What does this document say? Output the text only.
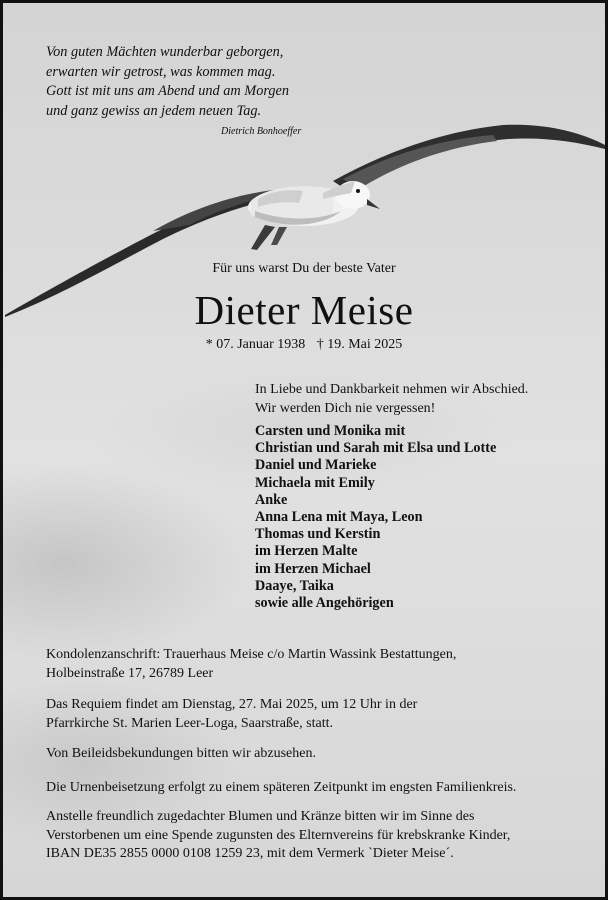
Von guten Mächten wunderbar geborgen,
erwarten wir getrost, was kommen mag.
Gott ist mit uns am Abend und am Morgen
und ganz gewiss an jedem neuen Tag.
Dietrich Bonhoeffer
Für uns warst Du der beste Vater
Dieter Meise
* 07. Januar 1938 † 19. Mai 2025
In Liebe und Dankbarkeit nehmen wir Abschied.
Wir werden Dich nie vergessen!
Carsten und Monika mit
Christian und Sarah mit Elsa und Lotte
Daniel und Marieke
Michaela mit Emily
Anke
Anna Lena mit Maya, Leon
Thomas und Kerstin
im Herzen Malte
im Herzen Michael
Daaye, Taika
sowie alle Angehörigen
Kondolenzanschrift: Trauerhaus Meise c/o Martin Wassink Bestattungen,
Holbeinstraße 17, 26789 Leer
Das Requiem findet am Dienstag, 27. Mai 2025, um 12 Uhr in der
Pfarrkirche St. Marien Leer-Loga, Saarstraße, statt.
Von Beileidsbekundungen bitten wir abzusehen.
Die Urnenbeisetzung erfolgt zu einem späteren Zeitpunkt im engsten Familienkreis.
Anstelle freundlich zugedachter Blumen und Kränze bitten wir im Sinne des
Verstorbenen um eine Spende zugunsten des Elternvereins für krebskranke Kinder,
IBAN DE35 2855 0000 0108 1259 23, mit dem Vermerk `Dieter Meise´.
